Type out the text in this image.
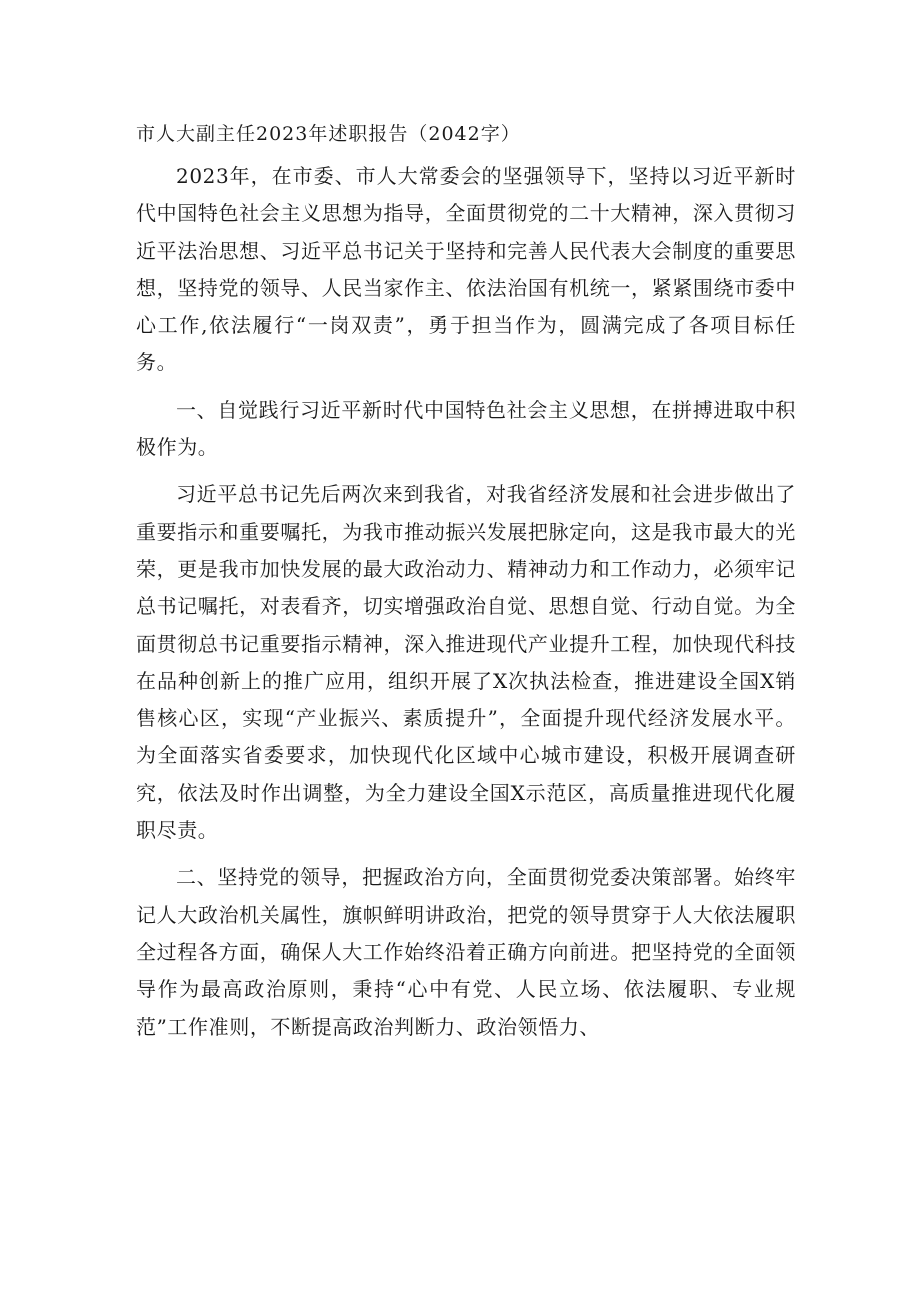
市人大副主任2023年述职报告（2042字）

2023年，在市委、市人大常委会的坚强领导下，坚持以习近平新时代中国特色社会主义思想为指导，全面贯彻党的二十大精神，深入贯彻习近平法治思想、习近平总书记关于坚持和完善人民代表大会制度的重要思想，坚持党的领导、人民当家作主、依法治国有机统一，紧紧围绕市委中心工作,依法履行“一岗双责”，勇于担当作为，圆满完成了各项目标任务。

一、自觉践行习近平新时代中国特色社会主义思想，在拼搏进取中积极作为。

习近平总书记先后两次来到我省，对我省经济发展和社会进步做出了重要指示和重要嘱托，为我市推动振兴发展把脉定向，这是我市最大的光荣，更是我市加快发展的最大政治动力、精神动力和工作动力，必须牢记总书记嘱托，对表看齐，切实增强政治自觉、思想自觉、行动自觉。为全面贯彻总书记重要指示精神，深入推进现代产业提升工程，加快现代科技在品种创新上的推广应用，组织开展了X次执法检查，推进建设全国X销售核心区，实现“产业振兴、素质提升”，全面提升现代经济发展水平。为全面落实省委要求，加快现代化区域中心城市建设，积极开展调查研究，依法及时作出调整，为全力建设全国X示范区，高质量推进现代化履职尽责。

二、坚持党的领导，把握政治方向，全面贯彻党委决策部署。始终牢记人大政治机关属性，旗帜鲜明讲政治，把党的领导贯穿于人大依法履职全过程各方面，确保人大工作始终沿着正确方向前进。把坚持党的全面领导作为最高政治原则，秉持“心中有党、人民立场、依法履职、专业规范”工作准则，不断提高政治判断力、政治领悟力、
